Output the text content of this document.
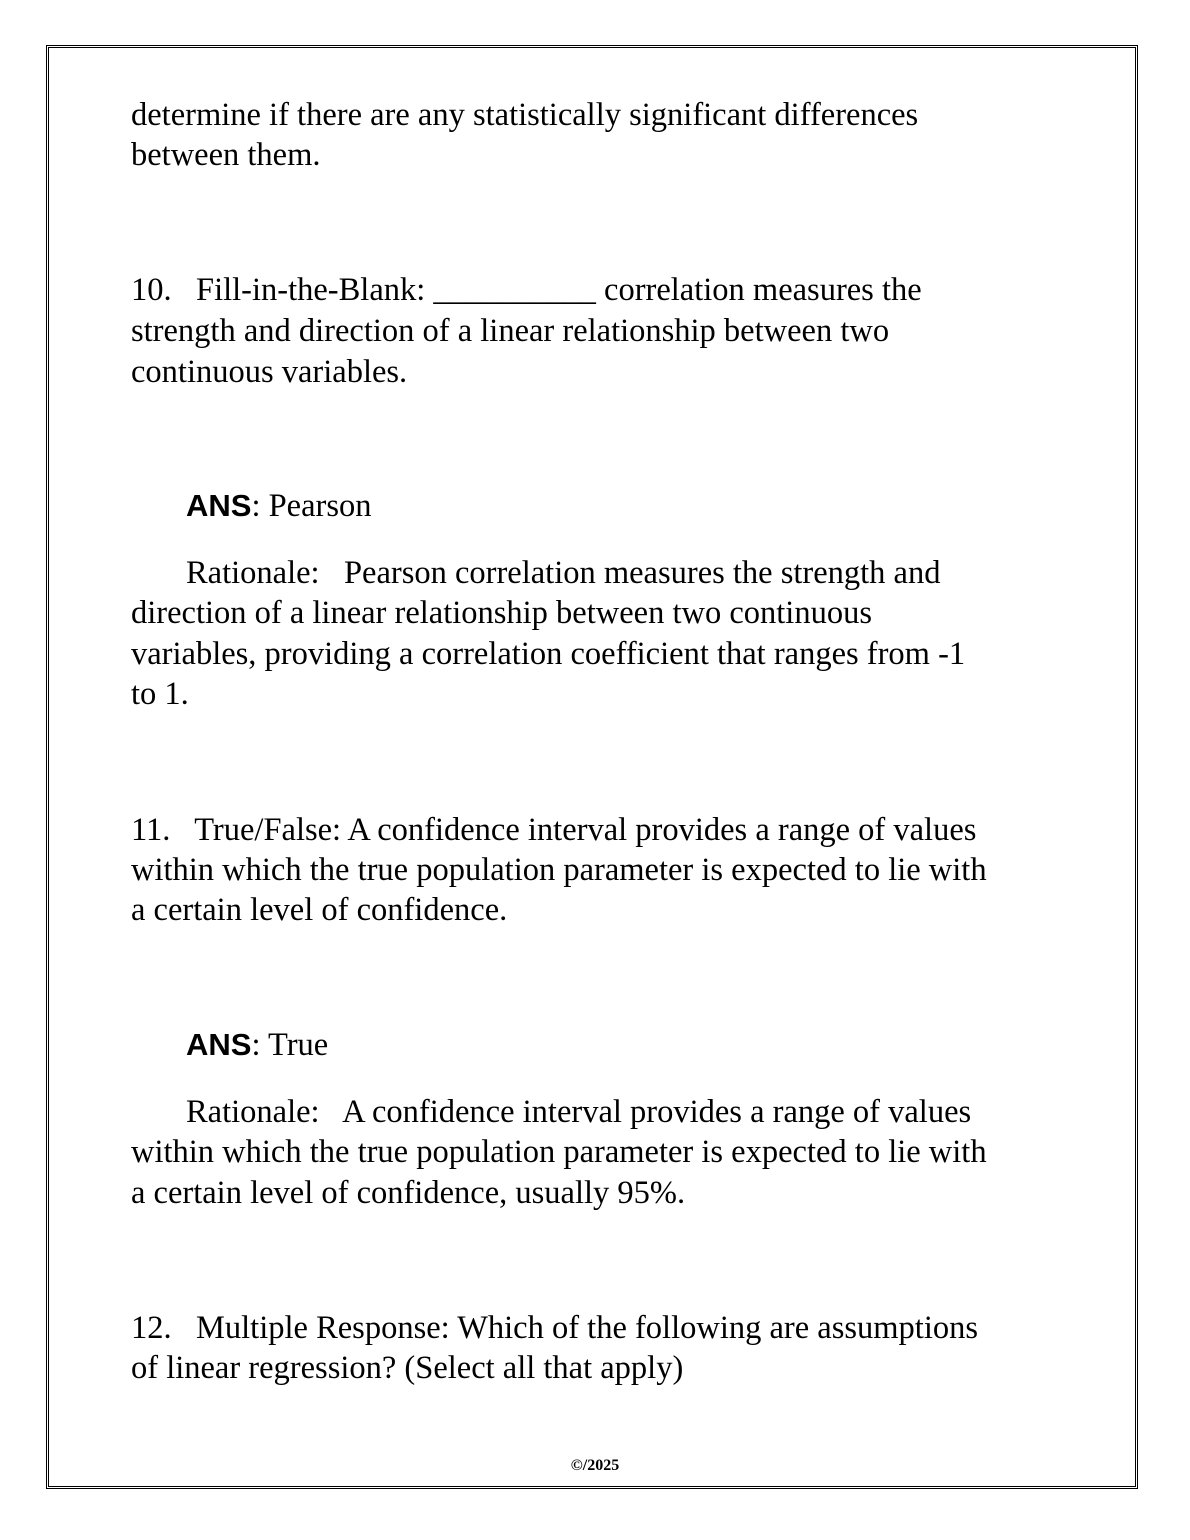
determine if there are any statistically significant differences
between them.
10.   Fill-in-the-Blank: __________ correlation measures the
strength and direction of a linear relationship between two
continuous variables.
ANS: Pearson
Rationale:   Pearson correlation measures the strength and
direction of a linear relationship between two continuous
variables, providing a correlation coefficient that ranges from -1
to 1.
11.   True/False: A confidence interval provides a range of values
within which the true population parameter is expected to lie with
a certain level of confidence.
ANS: True
Rationale:   A confidence interval provides a range of values
within which the true population parameter is expected to lie with
a certain level of confidence, usually 95%.
12.   Multiple Response: Which of the following are assumptions
of linear regression? (Select all that apply)
©/2025
